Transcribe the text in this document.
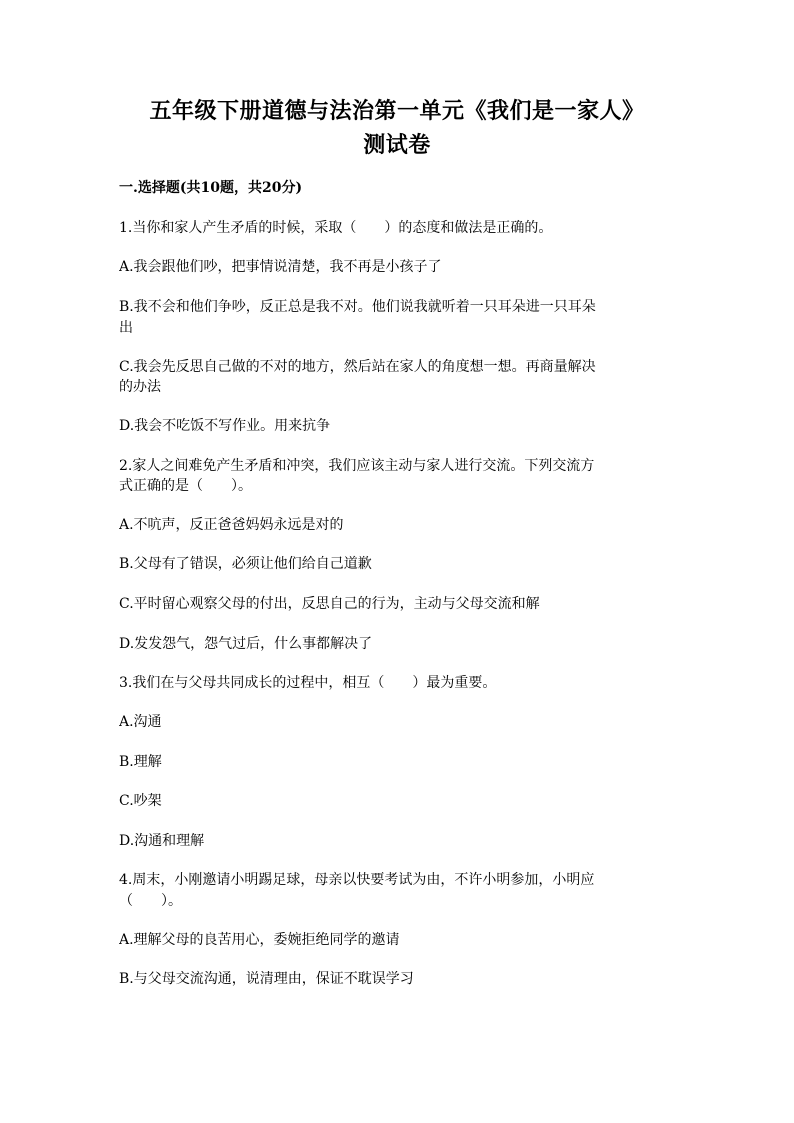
五年级下册道德与法治第一单元《我们是一家人》
测试卷
一.选择题(共10题，共20分)
1.当你和家人产生矛盾的时候，采取（　　）的态度和做法是正确的。
A.我会跟他们吵，把事情说清楚，我不再是小孩子了
B.我不会和他们争吵，反正总是我不对。他们说我就听着一只耳朵进一只耳朵
出
C.我会先反思自己做的不对的地方，然后站在家人的角度想一想。再商量解决
的办法
D.我会不吃饭不写作业。用来抗争
2.家人之间难免产生矛盾和冲突，我们应该主动与家人进行交流。下列交流方
式正确的是（　　）。
A.不吭声，反正爸爸妈妈永远是对的
B.父母有了错误，必须让他们给自己道歉
C.平时留心观察父母的付出，反思自己的行为，主动与父母交流和解
D.发发怨气，怨气过后，什么事都解决了
3.我们在与父母共同成长的过程中，相互（　　）最为重要。
A.沟通
B.理解
C.吵架
D.沟通和理解
4.周末，小刚邀请小明踢足球，母亲以快要考试为由，不许小明参加，小明应
（　　）。
A.理解父母的良苦用心，委婉拒绝同学的邀请
B.与父母交流沟通，说清理由，保证不耽误学习
